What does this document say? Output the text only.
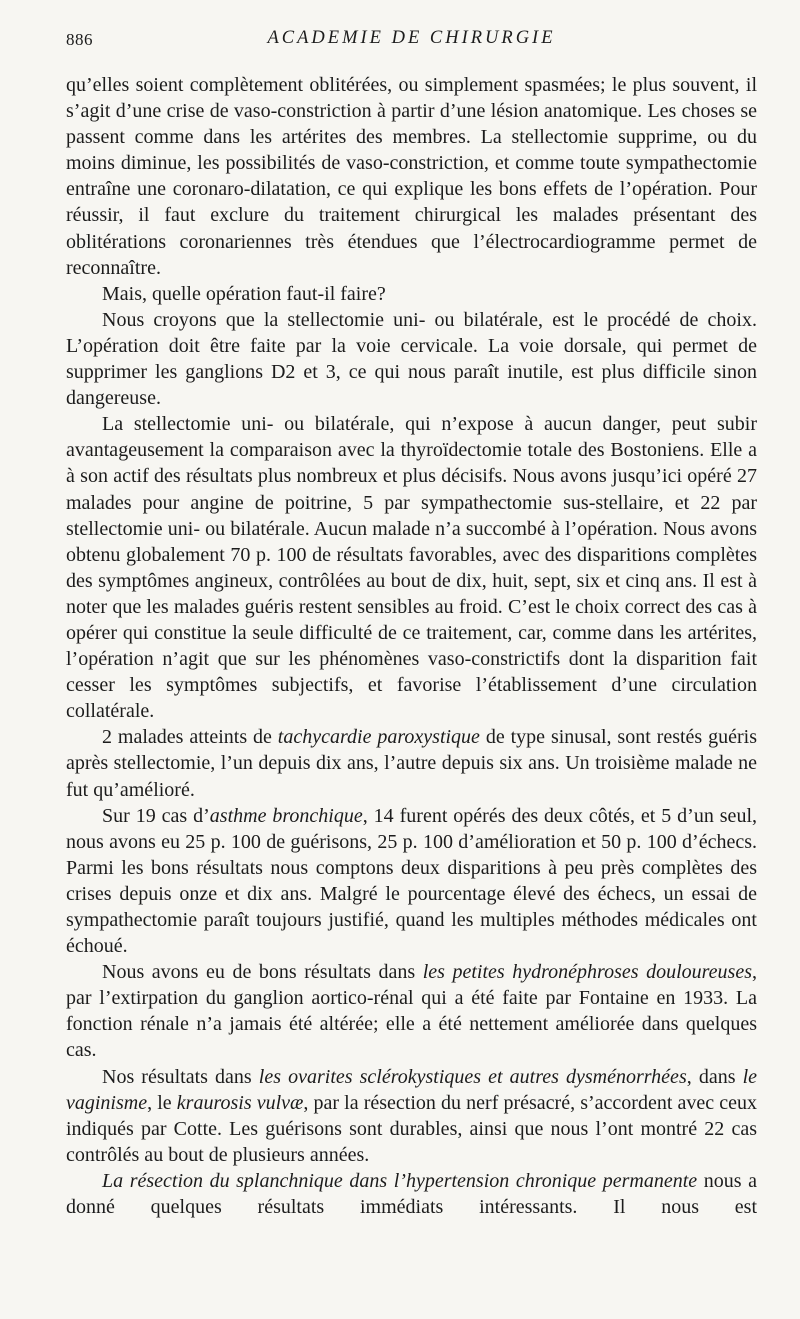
886	ACADEMIE DE CHIRURGIE

qu’elles soient complètement oblitérées, ou simplement spasmées; le plus souvent, il s’agit d’une crise de vaso-constriction à partir d’une lésion anatomique. Les choses se passent comme dans les artérites des membres. La stellectomie supprime, ou du moins diminue, les possibilités de vaso-constriction, et comme toute sympathectomie entraîne une coronaro-dilatation, ce qui explique les bons effets de l’opération. Pour réussir, il faut exclure du traitement chirurgical les malades présentant des oblitérations coronariennes très étendues que l’électrocardiogramme permet de reconnaître.

Mais, quelle opération faut-il faire?

Nous croyons que la stellectomie uni- ou bilatérale, est le procédé de choix. L’opération doit être faite par la voie cervicale. La voie dorsale, qui permet de supprimer les ganglions D2 et 3, ce qui nous paraît inutile, est plus difficile sinon dangereuse.

La stellectomie uni- ou bilatérale, qui n’expose à aucun danger, peut subir avantageusement la comparaison avec la thyroïdectomie totale des Bostoniens. Elle a à son actif des résultats plus nombreux et plus décisifs. Nous avons jusqu’ici opéré 27 malades pour angine de poitrine, 5 par sympathectomie sus-stellaire, et 22 par stellectomie uni- ou bilatérale. Aucun malade n’a succombé à l’opération. Nous avons obtenu globalement 70 p. 100 de résultats favorables, avec des disparitions complètes des symptômes angineux, contrôlées au bout de dix, huit, sept, six et cinq ans. Il est à noter que les malades guéris restent sensibles au froid. C’est le choix correct des cas à opérer qui constitue la seule difficulté de ce traitement, car, comme dans les artérites, l’opération n’agit que sur les phénomènes vaso-constrictifs dont la disparition fait cesser les symptômes subjectifs, et favorise l’établissement d’une circulation collatérale.

2 malades atteints de tachycardie paroxystique de type sinusal, sont restés guéris après stellectomie, l’un depuis dix ans, l’autre depuis six ans. Un troisième malade ne fut qu’amélioré.

Sur 19 cas d’asthme bronchique, 14 furent opérés des deux côtés, et 5 d’un seul, nous avons eu 25 p. 100 de guérisons, 25 p. 100 d’amélioration et 50 p. 100 d’échecs. Parmi les bons résultats nous comptons deux disparitions à peu près complètes des crises depuis onze et dix ans. Malgré le pourcentage élevé des échecs, un essai de sympathectomie paraît toujours justifié, quand les multiples méthodes médicales ont échoué.

Nous avons eu de bons résultats dans les petites hydronéphroses douloureuses, par l’extirpation du ganglion aortico-rénal qui a été faite par Fontaine en 1933. La fonction rénale n’a jamais été altérée; elle a été nettement améliorée dans quelques cas.

Nos résultats dans les ovarites sclérokystiques et autres dysménorrhées, dans le vaginisme, le kraurosis vulvæ, par la résection du nerf présacré, s’accordent avec ceux indiqués par Cotte. Les guérisons sont durables, ainsi que nous l’ont montré 22 cas contrôlés au bout de plusieurs années.

La résection du splanchnique dans l’hypertension chronique permanente nous a donné quelques résultats immédiats intéressants. Il nous est
